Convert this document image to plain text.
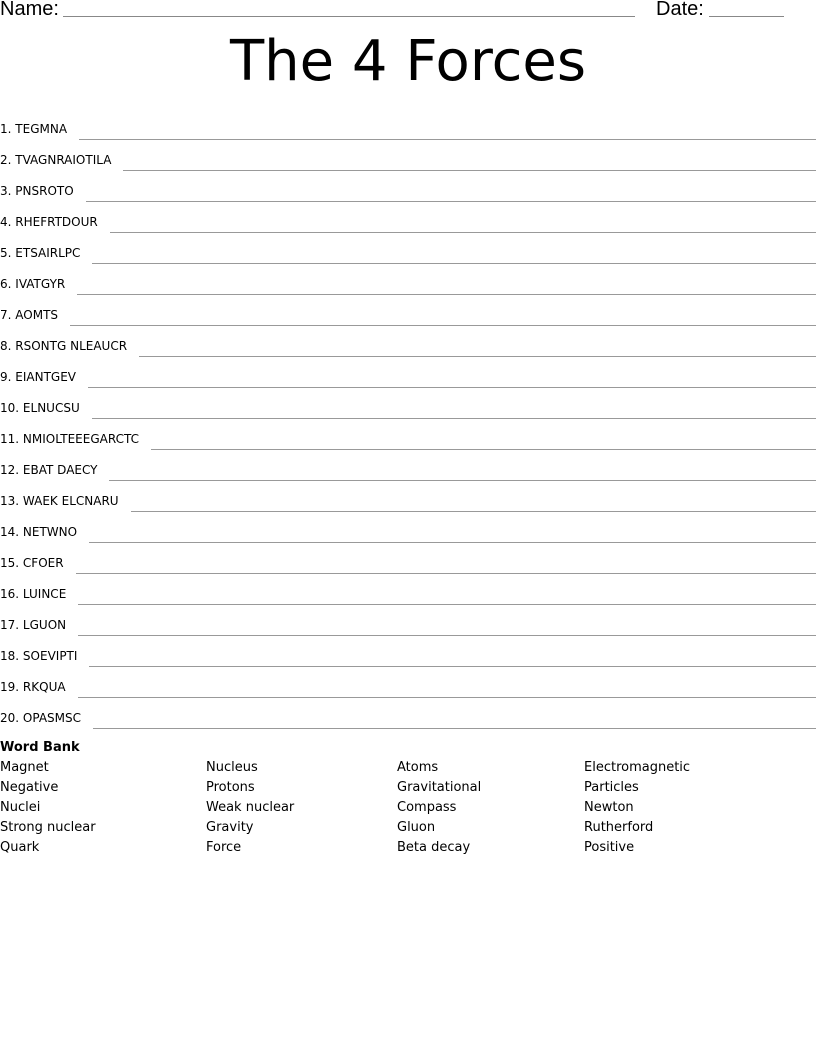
Name:	Date:
The 4 Forces
1. TEGMNA
2. TVAGNRAIOTILA
3. PNSROTO
4. RHEFRTDOUR
5. ETSAIRLPC
6. IVATGYR
7. AOMTS
8. RSONTG NLEAUCR
9. EIANTGEV
10. ELNUCSU
11. NMIOLTEEEGARCTC
12. EBAT DAECY
13. WAEK ELCNARU
14. NETWNO
15. CFOER
16. LUINCE
17. LGUON
18. SOEVIPTI
19. RKQUA
20. OPASMSC
Word Bank
Magnet	Nucleus	Atoms	Electromagnetic
Negative	Protons	Gravitational	Particles
Nuclei	Weak nuclear	Compass	Newton
Strong nuclear	Gravity	Gluon	Rutherford
Quark	Force	Beta decay	Positive
